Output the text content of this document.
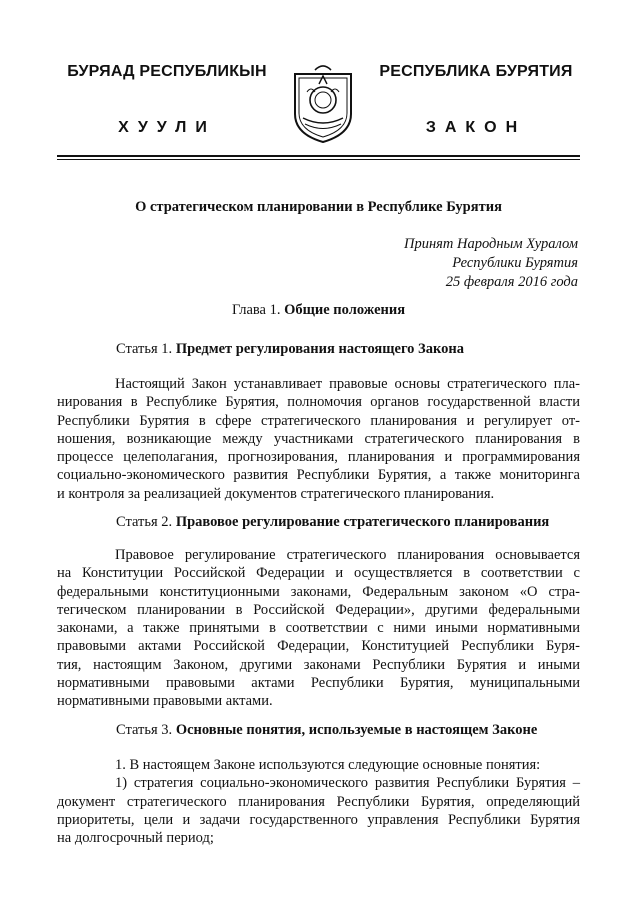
БУРЯАД РЕСПУБЛИКЫН
ХУУЛИ
РЕСПУБЛИКА БУРЯТИЯ
ЗАКОН
О стратегическом планировании в Республике Бурятия
Принят Народным Хуралом
Республики Бурятия
25 февраля 2016 года
Глава 1. Общие положения
Статья 1. Предмет регулирования настоящего Закона
Настоящий Закон устанавливает правовые основы стратегического пла-
нирования в Республике Бурятия, полномочия органов государственной власти
Республики Бурятия в сфере стратегического планирования и регулирует от-
ношения, возникающие между участниками стратегического планирования в
процессе целеполагания, прогнозирования, планирования и программирования
социально-экономического развития Республики Бурятия, а также мониторинга
и контроля за реализацией документов стратегического планирования.
Статья 2. Правовое регулирование стратегического планирования
Правовое регулирование стратегического планирования основывается
на Конституции Российской Федерации и осуществляется в соответствии с
федеральными конституционными законами, Федеральным законом «О стра-
тегическом планировании в Российской Федерации», другими федеральными
законами, а также принятыми в соответствии с ними иными нормативными
правовыми актами Российской Федерации, Конституцией Республики Буря-
тия, настоящим Законом, другими законами Республики Бурятия и иными
нормативными правовыми актами Республики Бурятия, муниципальными
нормативными правовыми актами.
Статья 3. Основные понятия, используемые в настоящем Законе
1. В настоящем Законе используются следующие основные понятия:
1) стратегия социально-экономического развития Республики Бурятия –
документ стратегического планирования Республики Бурятия, определяющий
приоритеты, цели и задачи государственного управления Республики Бурятия
на долгосрочный период;
